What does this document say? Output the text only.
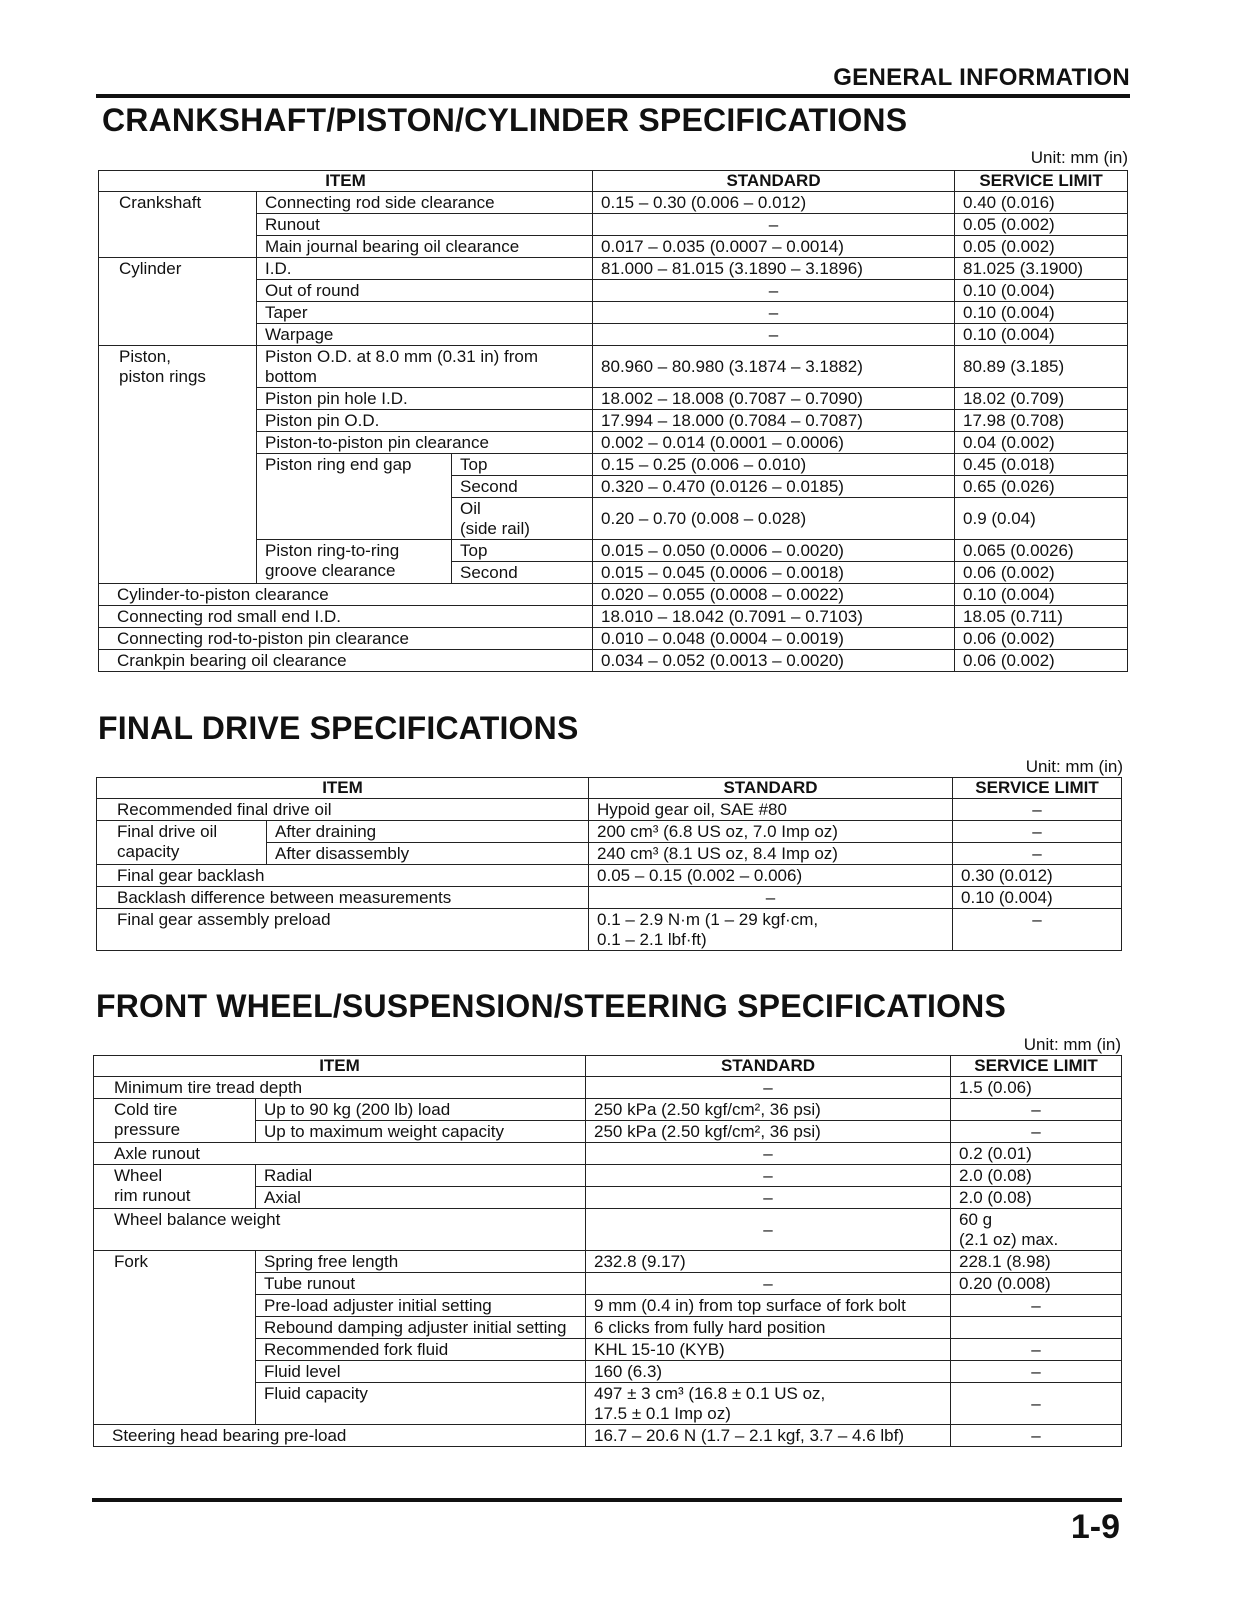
GENERAL INFORMATION
CRANKSHAFT/PISTON/CYLINDER SPECIFICATIONS
Unit: mm (in)
ITEM			STANDARD	SERVICE LIMIT
Crankshaft	Connecting rod side clearance		0.15 – 0.30 (0.006 – 0.012)	0.40 (0.016)
	Runout		–	0.05 (0.002)
	Main journal bearing oil clearance		0.017 – 0.035 (0.0007 – 0.0014)	0.05 (0.002)
Cylinder	I.D.		81.000 – 81.015 (3.1890 – 3.1896)	81.025 (3.1900)
	Out of round		–	0.10 (0.004)
	Taper		–	0.10 (0.004)
	Warpage		–	0.10 (0.004)
Piston,
piston rings	Piston O.D. at 8.0 mm (0.31 in) from bottom		80.960 – 80.980 (3.1874 – 3.1882)	80.89 (3.185)
	Piston pin hole I.D.		18.002 – 18.008 (0.7087 – 0.7090)	18.02 (0.709)
	Piston pin O.D.		17.994 – 18.000 (0.7084 – 0.7087)	17.98 (0.708)
	Piston-to-piston pin clearance		0.002 – 0.014 (0.0001 – 0.0006)	0.04 (0.002)
	Piston ring end gap	Top	0.15 – 0.25 (0.006 – 0.010)	0.45 (0.018)
		Second	0.320 – 0.470 (0.0126 – 0.0185)	0.65 (0.026)
		Oil
(side rail)	0.20 – 0.70 (0.008 – 0.028)	0.9 (0.04)
	Piston ring-to-ring
groove clearance	Top	0.015 – 0.050 (0.0006 – 0.0020)	0.065 (0.0026)
		Second	0.015 – 0.045 (0.0006 – 0.0018)	0.06 (0.002)
Cylinder-to-piston clearance			0.020 – 0.055 (0.0008 – 0.0022)	0.10 (0.004)
Connecting rod small end I.D.			18.010 – 18.042 (0.7091 – 0.7103)	18.05 (0.711)
Connecting rod-to-piston pin clearance			0.010 – 0.048 (0.0004 – 0.0019)	0.06 (0.002)
Crankpin bearing oil clearance			0.034 – 0.052 (0.0013 – 0.0020)	0.06 (0.002)
FINAL DRIVE SPECIFICATIONS
Unit: mm (in)
ITEM		STANDARD	SERVICE LIMIT
Recommended final drive oil		Hypoid gear oil, SAE #80	–
Final drive oil
capacity	After draining	200 cm³ (6.8 US oz, 7.0 Imp oz)	–
	After disassembly	240 cm³ (8.1 US oz, 8.4 Imp oz)	–
Final gear backlash		0.05 – 0.15 (0.002 – 0.006)	0.30 (0.012)
Backlash difference between measurements		–	0.10 (0.004)
Final gear assembly preload		0.1 – 2.9 N·m (1 – 29 kgf·cm,
0.1 – 2.1 lbf·ft)	–
FRONT WHEEL/SUSPENSION/STEERING SPECIFICATIONS
Unit: mm (in)
ITEM		STANDARD	SERVICE LIMIT
Minimum tire tread depth		–	1.5 (0.06)
Cold tire
pressure	Up to 90 kg (200 lb) load	250 kPa (2.50 kgf/cm², 36 psi)	–
	Up to maximum weight capacity	250 kPa (2.50 kgf/cm², 36 psi)	–
Axle runout		–	0.2 (0.01)
Wheel
rim runout	Radial	–	2.0 (0.08)
	Axial	–	2.0 (0.08)
Wheel balance weight		–	60 g
(2.1 oz) max.
Fork	Spring free length	232.8 (9.17)	228.1 (8.98)
	Tube runout	–	0.20 (0.008)
	Pre-load adjuster initial setting	9 mm (0.4 in) from top surface of fork bolt	–
	Rebound damping adjuster initial setting	6 clicks from fully hard position	
	Recommended fork fluid	KHL 15-10 (KYB)	–
	Fluid level	160 (6.3)	–
	Fluid capacity	497 ± 3 cm³ (16.8 ± 0.1 US oz,
17.5 ± 0.1 Imp oz)	–
Steering head bearing pre-load		16.7 – 20.6 N (1.7 – 2.1 kgf, 3.7 – 4.6 lbf)	–
1-9
